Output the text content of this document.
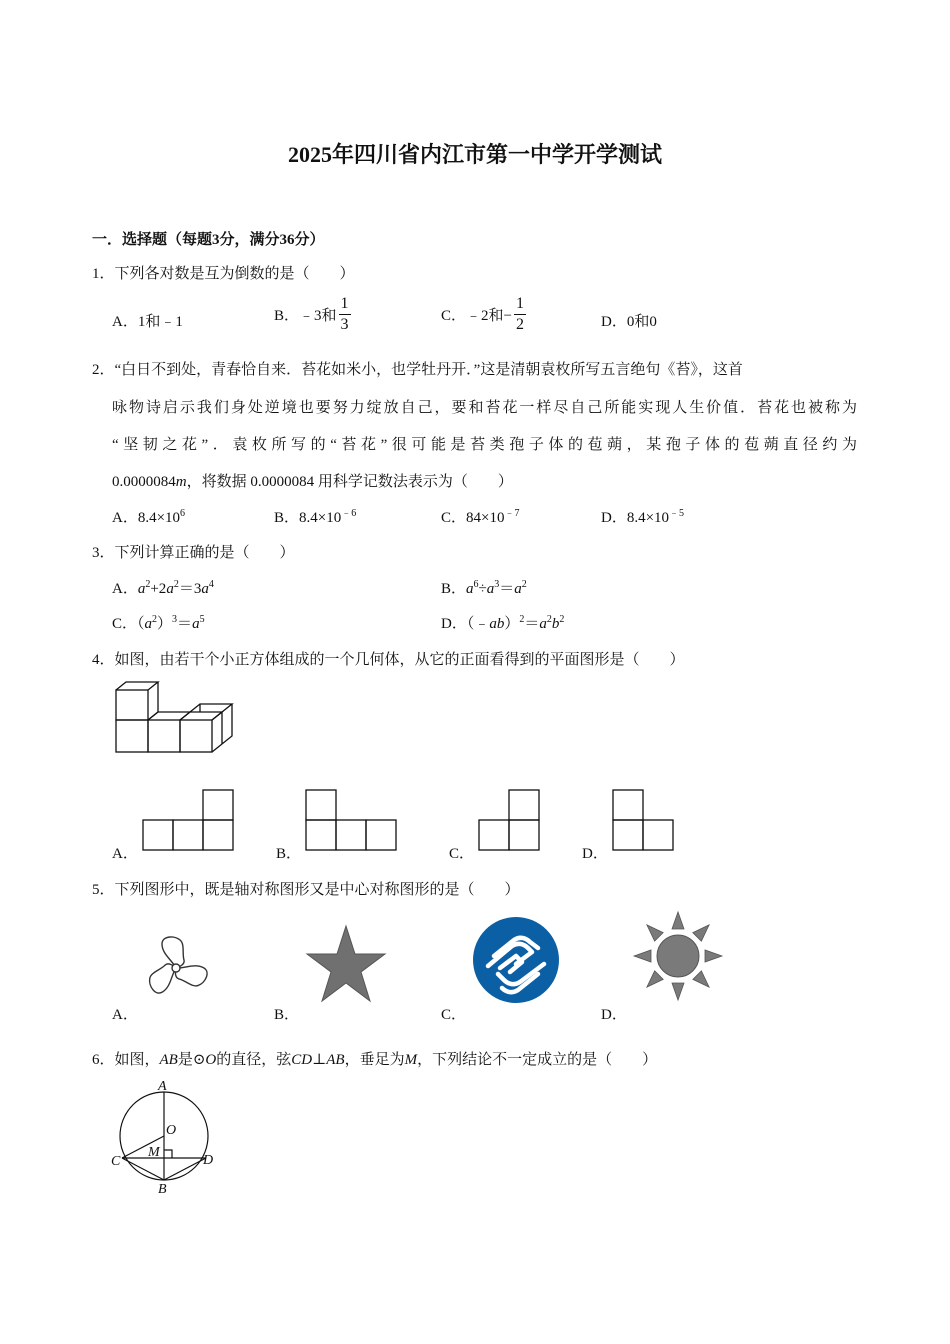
2025年四川省内江市第一中学开学测试
一．选择题（每题3分，满分36分）
1．下列各对数是互为倒数的是（　　）
A．1和﹣1	B．﹣3和 $\frac{1}{3}$	C．﹣2和− $\frac{1}{2}$	D．0和0
2．“白日不到处，青春恰自来．苔花如米小，也学牡丹开．”这是清朝袁枚所写五言绝句《苔》，这首
咏物诗启示我们身处逆境也要努力绽放自己，要和苔花一样尽自己所能实现人生价值．苔花也被称为
“坚韧之花”．袁枚所写的“苔花”很可能是苔类孢子体的苞蒴，某孢子体的苞蒴直径约为
0.0000084m，将数据 0.0000084 用科学记数法表示为（　　）
A．$8.4\times 10^6$	B．$8.4\times 10^{﹣6}$	C．$84\times 10^{﹣7}$	D．$8.4\times 10^{﹣5}$
3．下列计算正确的是（　　）
A．$a^2+2a^2=3a^4$	B．$a^6\div a^3=a^2$
C．$(a^2)^3=a^5$	D．$(﹣ab)^2=a^2b^2$
4．如图，由若干个小正方体组成的一个几何体，从它的正面看得到的平面图形是（　　）
A．	B．	C．	D．
5．下列图形中，既是轴对称图形又是中心对称图形的是（　　）
A．	B．	C．	D．
6．如图，AB是⊙O的直径，弦CD⊥AB，垂足为M，下列结论不一定成立的是（　　）
A
O
M
C	D
B
